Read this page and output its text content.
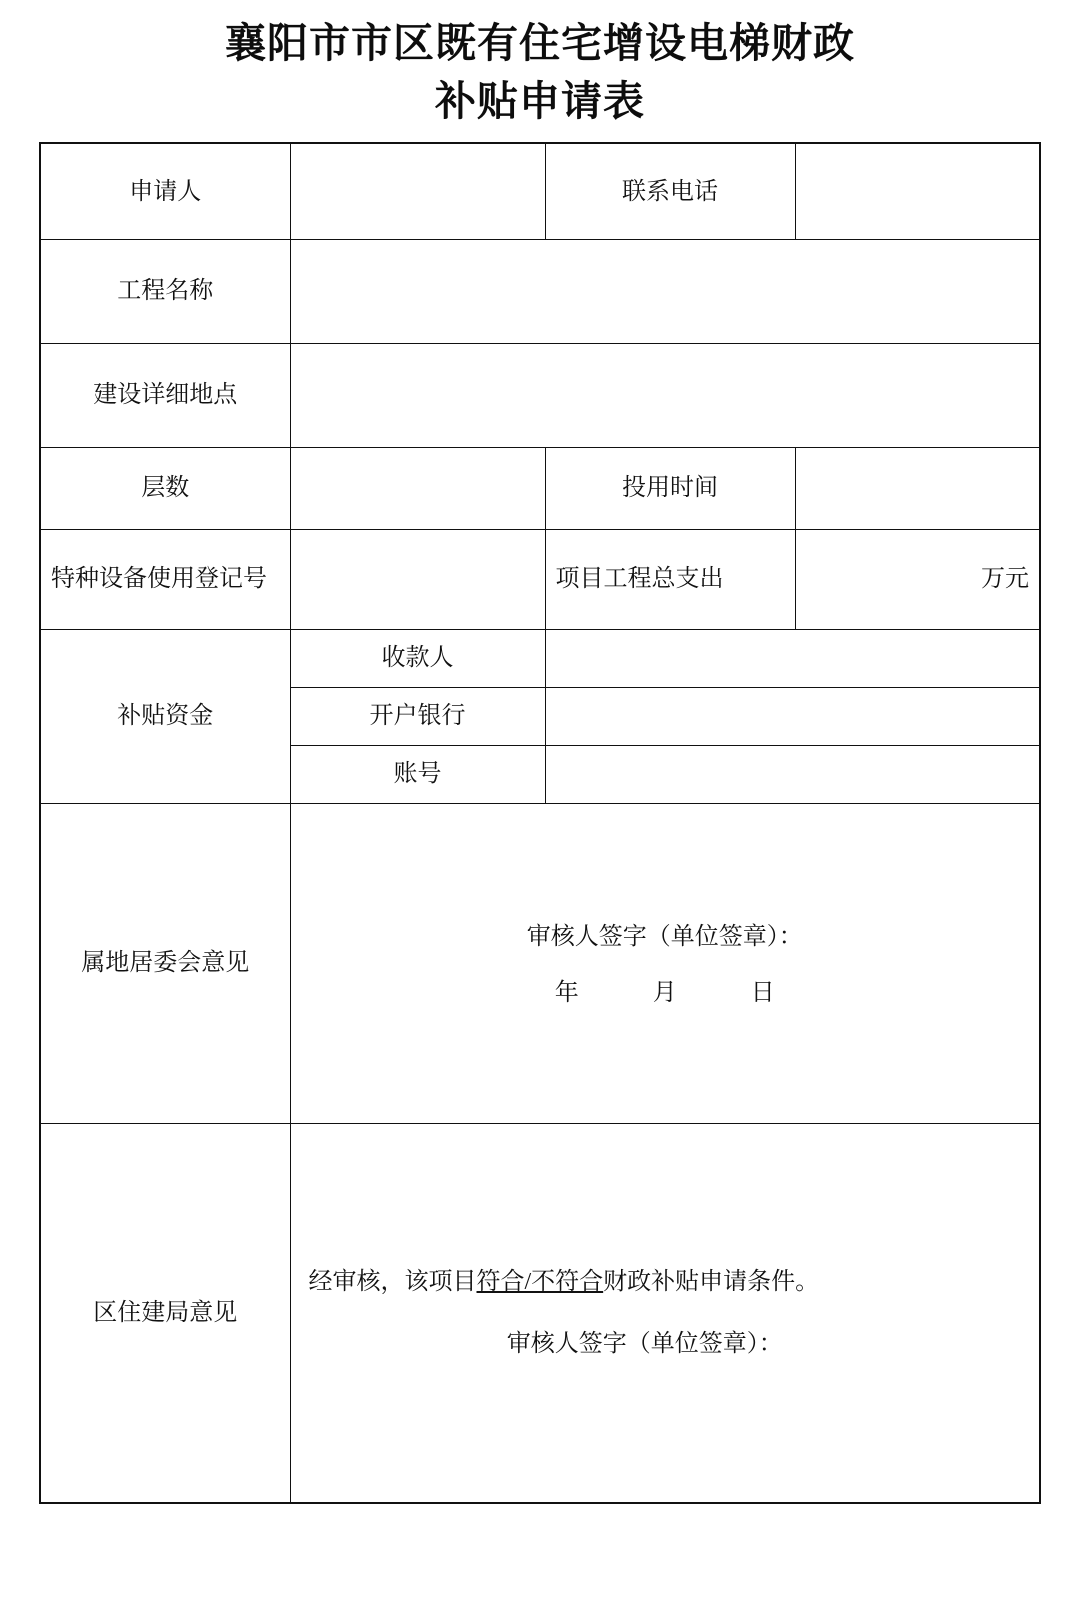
襄阳市市区既有住宅增设电梯财政
补贴申请表
申请人		联系电话	
工程名称			
建设详细地点			
层数		投用时间	
特种设备使用登记号		项目工程总支出	万元
补贴资金	收款人		
	开户银行		
	账号		
属地居委会意见	审核人签字（单位签章）：
年 月 日		

区住建局意见	经审核，该项目符合/不符合财政补贴申请条件。

审核人签字（单位签章）：		
